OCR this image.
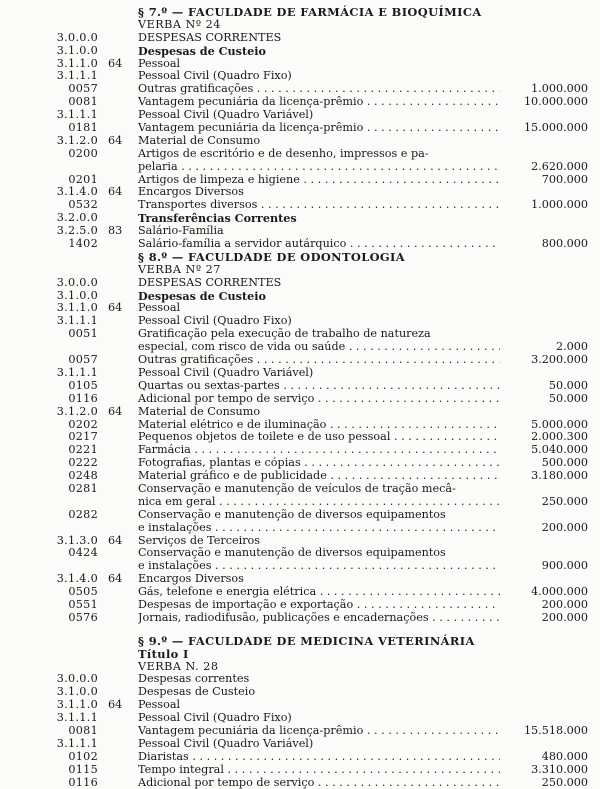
§ 7.º — FACULDADE DE FARMÁCIA E BIOQUÍMICA
VERBA Nº 24
3.0.0.0	DESPESAS CORRENTES
3.1.0.0	Despesas de Custeio
3.1.1.0 64	Pessoal
3.1.1.1	Pessoal Civil (Quadro Fixo)
0057	Outras gratificações . . .	1.000.000
0081	Vantagem pecuniária da licença-prêmio . . .	10.000.000
3.1.1.1	Pessoal Civil (Quadro Variável)
0181	Vantagem pecuniária da licença-prêmio . . .	15.000.000
3.1.2.0 64	Material de Consumo
0200	Artigos de escritório e de desenho, impressos e pa-
pelaria . . .	2.620.000
0201	Artigos de limpeza e higiene . . .	700.000
3.1.4.0 64	Encargos Diversos
0532	Transportes diversos . . .	1.000.000
3.2.0.0	Transferências Correntes
3.2.5.0 83	Salário-Família
1402	Salário-família a servidor autárquico . . .	800.000
§ 8.º — FACULDADE DE ODONTOLOGIA
VERBA Nº 27
3.0.0.0	DESPESAS CORRENTES
3.1.0.0	Despesas de Custeio
3.1.1.0 64	Pessoal
3.1.1.1	Pessoal Civil (Quadro Fixo)
0051	Gratificação pela execução de trabalho de natureza
especial, com risco de vida ou saúde . . .	2.000
0057	Outras gratificações . . .	3.200.000
3.1.1.1	Pessoal Civil (Quadro Variável)
0105	Quartas ou sextas-partes . . .	50.000
0116	Adicional por tempo de serviço . . .	50.000
3.1.2.0 64	Material de Consumo
0202	Material elétrico e de iluminação . . .	5.000.000
0217	Pequenos objetos de toilete e de uso pessoal . . .	2.000.300
0221	Farmácia . . .	5.040.000
0222	Fotografias, plantas e cópias . . .	500.000
0248	Material gráfico e de publicidade . . .	3.180.000
0281	Conservação e manutenção de veículos de tração mecâ-
nica em geral . . .	250.000
0282	Conservação e manutenção de diversos equipamentos
e instalações . . .	200.000
3.1.3.0 64	Serviços de Terceiros
0424	Conservação e manutenção de diversos equipamentos
e instalações . . .	900.000
3.1.4.0 64	Encargos Diversos
0505	Gás, telefone e energia elétrica . . .	4.000.000
0551	Despesas de importação e exportação . . .	200.000
0576	Jornais, radiodifusão, publicações e encadernações . . .	200.000
§ 9.º — FACULDADE DE MEDICINA VETERINÁRIA
Título I
VERBA N. 28
3.0.0.0	Despesas correntes
3.1.0.0	Despesas de Custeio
3.1.1.0 64	Pessoal
3.1.1.1	Pessoal Civil (Quadro Fixo)
0081	Vantagem pecuniária da licença-prêmio . . .	15.518.000
3.1.1.1	Pessoal Civil (Quadro Variável)
0102	Diaristas . . .	480.000
0115	Tempo integral . . .	3.310.000
0116	Adicional por tempo de serviço . . .	250.000
